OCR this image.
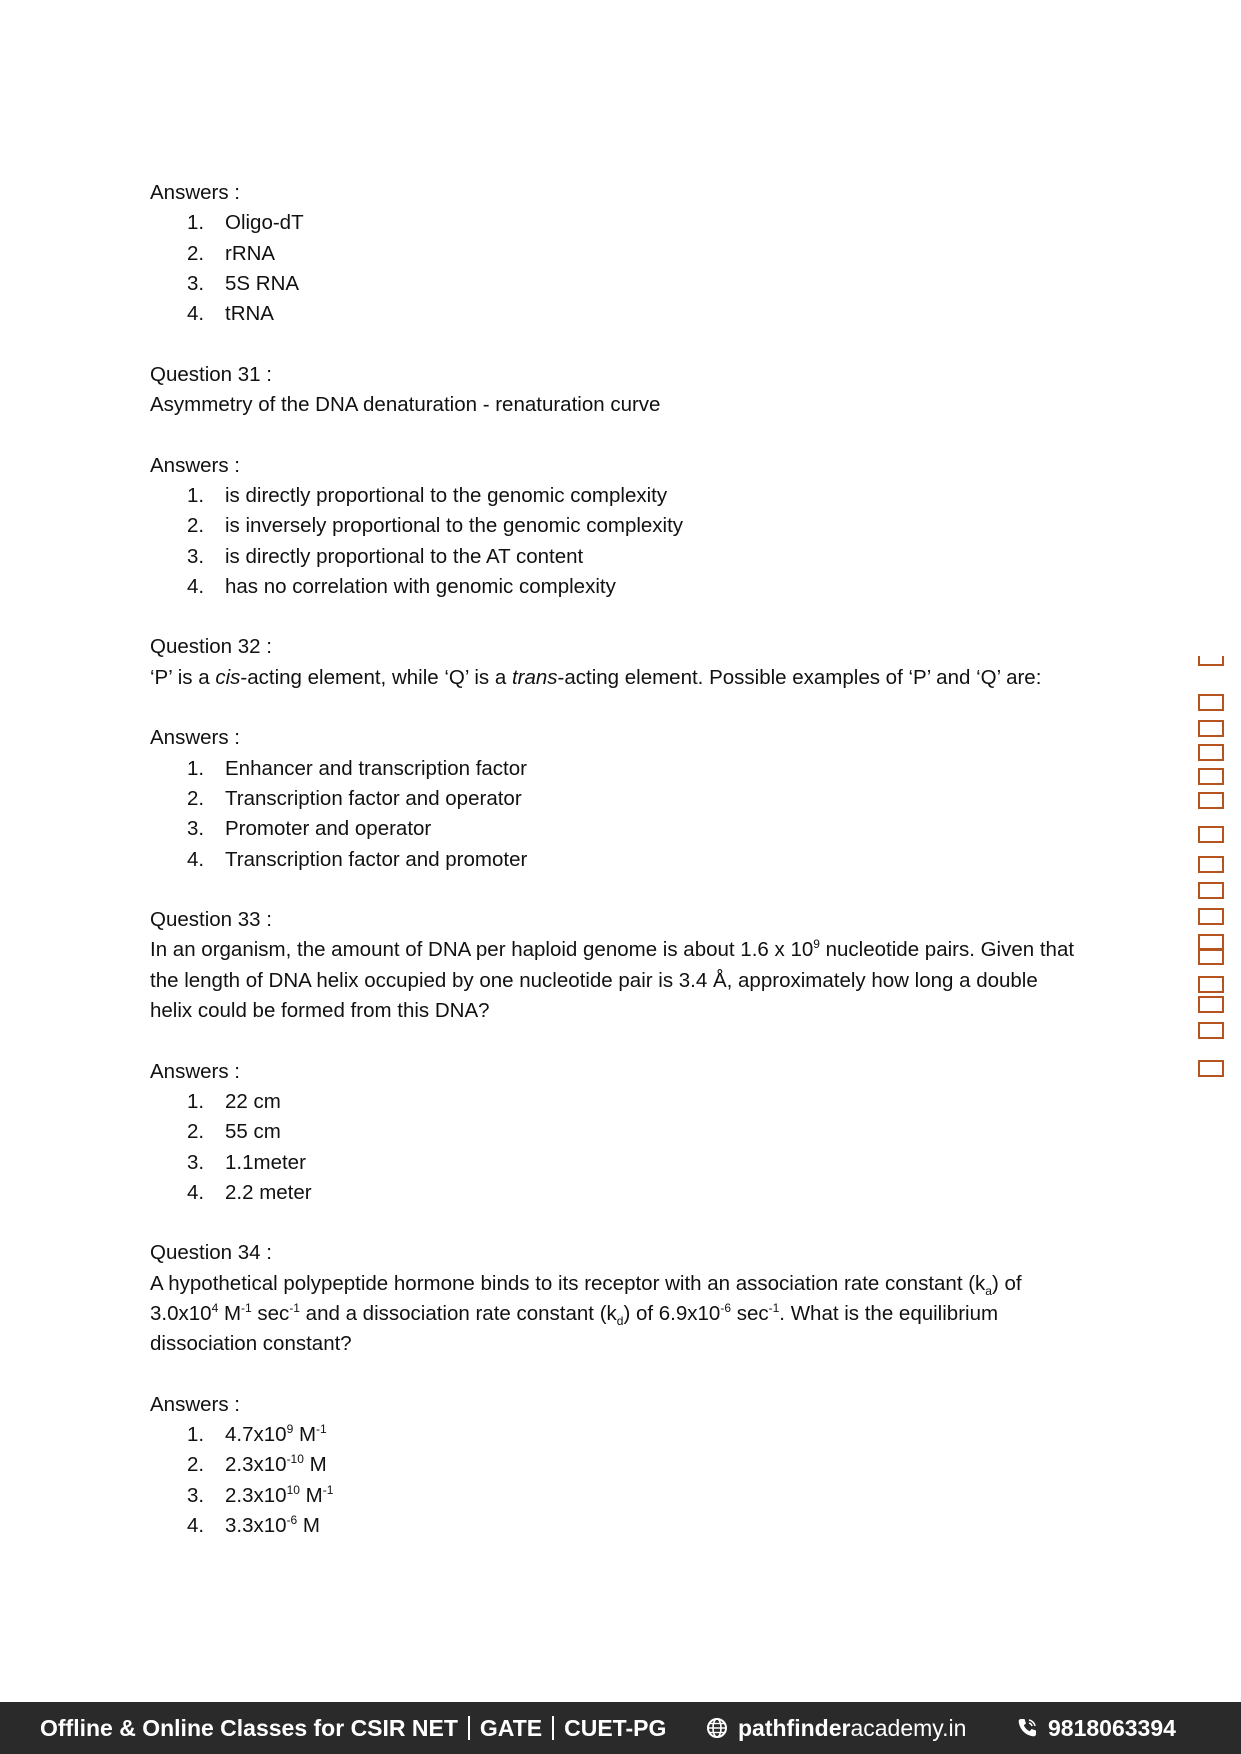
Answers :

1. Oligo-dT
2. rRNA
3. 5S RNA
4. tRNA

Question 31 :

Asymmetry of the DNA denaturation - renaturation curve

Answers :

1. is directly proportional to the genomic complexity
2. is inversely proportional to the genomic complexity
3. is directly proportional to the AT content
4. has no correlation with genomic complexity

Question 32 :

‘P’ is a cis-acting element, while ‘Q’ is a trans-acting element. Possible examples of ‘P’ and ‘Q’ are:

Answers :

1. Enhancer and transcription factor
2. Transcription factor and operator
3. Promoter and operator
4. Transcription factor and promoter

Question 33 :

In an organism, the amount of DNA per haploid genome is about 1.6 x $10^9$ nucleotide pairs. Given that the length of DNA helix occupied by one nucleotide pair is 3.4 Å, approximately how long a double helix could be formed from this DNA?

Answers :

1. 22 cm
2. 55 cm
3. 1.1meter
4. 2.2 meter

Question 34 :

A hypothetical polypeptide hormone binds to its receptor with an association rate constant $(k_a)$ of $3.0x10^4$ $M^{-1}$ $\sec^{-1}$ and a dissociation rate constant $(k_d)$ of $6.9x10^{-6}$ $\sec^{-1}$. What is the equilibrium dissociation constant?

Answers :

1. $4.7x10^9$ $M^{-1}$
2. $2.3x10^{-10}$ M
3. $2.3x10^{10}$ $M^{-1}$
4. $3.3x10^{-6}$ M
Offline & Online Classes for CSIR NET GATE CUET-PG	pathfinderacademy.in	9818063394
